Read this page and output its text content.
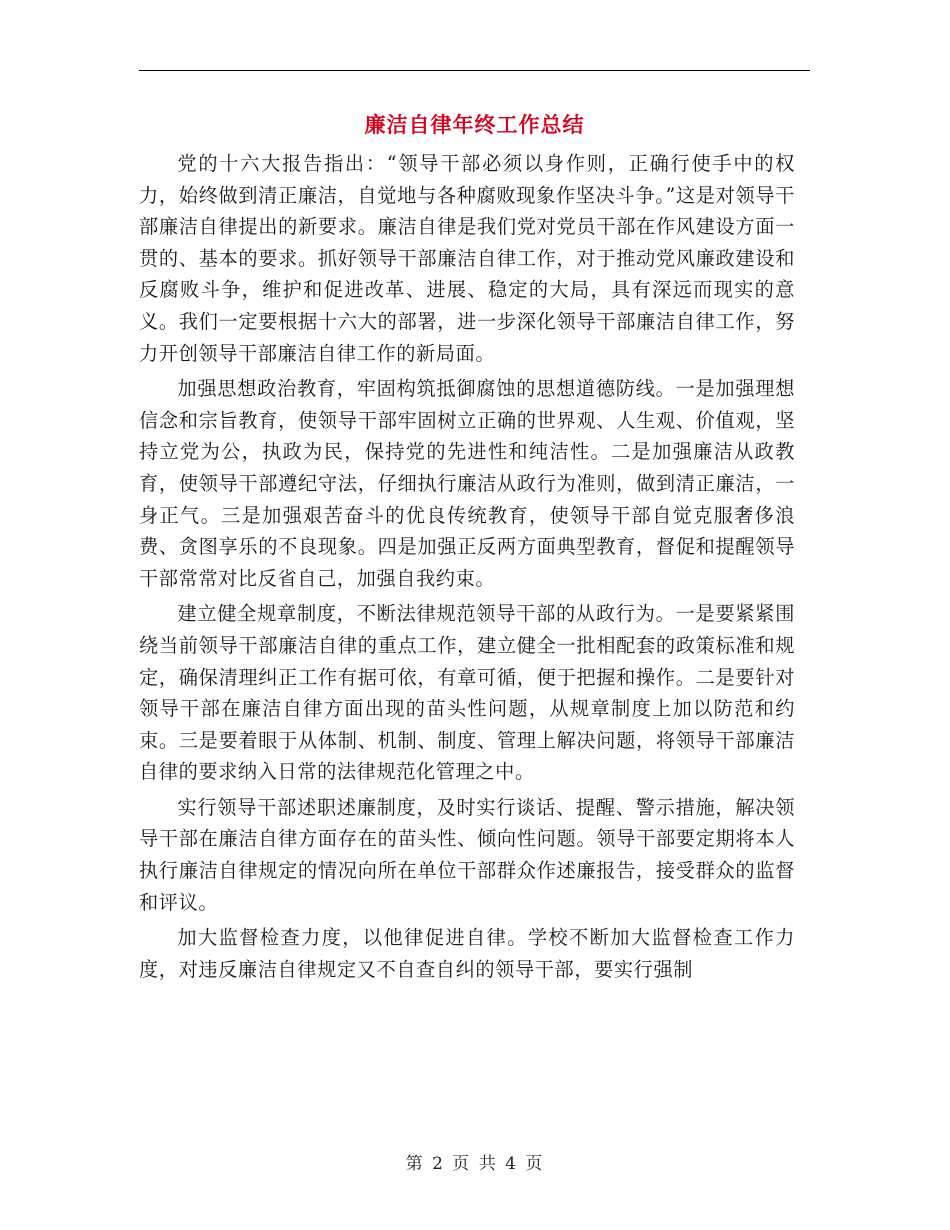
廉洁自律年终工作总结

党的十六大报告指出：“领导干部必须以身作则，正确行使手中的权力，始终做到清正廉洁，自觉地与各种腐败现象作坚决斗争。”这是对领导干部廉洁自律提出的新要求。廉洁自律是我们党对党员干部在作风建设方面一贯的、基本的要求。抓好领导干部廉洁自律工作，对于推动党风廉政建设和反腐败斗争，维护和促进改革、进展、稳定的大局，具有深远而现实的意义。我们一定要根据十六大的部署，进一步深化领导干部廉洁自律工作，努力开创领导干部廉洁自律工作的新局面。

加强思想政治教育，牢固构筑抵御腐蚀的思想道德防线。一是加强理想信念和宗旨教育，使领导干部牢固树立正确的世界观、人生观、价值观，坚持立党为公，执政为民，保持党的先进性和纯洁性。二是加强廉洁从政教育，使领导干部遵纪守法，仔细执行廉洁从政行为准则，做到清正廉洁，一身正气。三是加强艰苦奋斗的优良传统教育，使领导干部自觉克服奢侈浪费、贪图享乐的不良现象。四是加强正反两方面典型教育，督促和提醒领导干部常常对比反省自己，加强自我约束。

建立健全规章制度，不断法律规范领导干部的从政行为。一是要紧紧围绕当前领导干部廉洁自律的重点工作，建立健全一批相配套的政策标准和规定，确保清理纠正工作有据可依，有章可循，便于把握和操作。二是要针对领导干部在廉洁自律方面出现的苗头性问题，从规章制度上加以防范和约束。三是要着眼于从体制、机制、制度、管理上解决问题，将领导干部廉洁自律的要求纳入日常的法律规范化管理之中。

实行领导干部述职述廉制度，及时实行谈话、提醒、警示措施，解决领导干部在廉洁自律方面存在的苗头性、倾向性问题。领导干部要定期将本人执行廉洁自律规定的情况向所在单位干部群众作述廉报告，接受群众的监督和评议。

加大监督检查力度，以他律促进自律。学校不断加大监督检查工作力度，对违反廉洁自律规定又不自查自纠的领导干部，要实行强制

第 2 页 共 4 页
